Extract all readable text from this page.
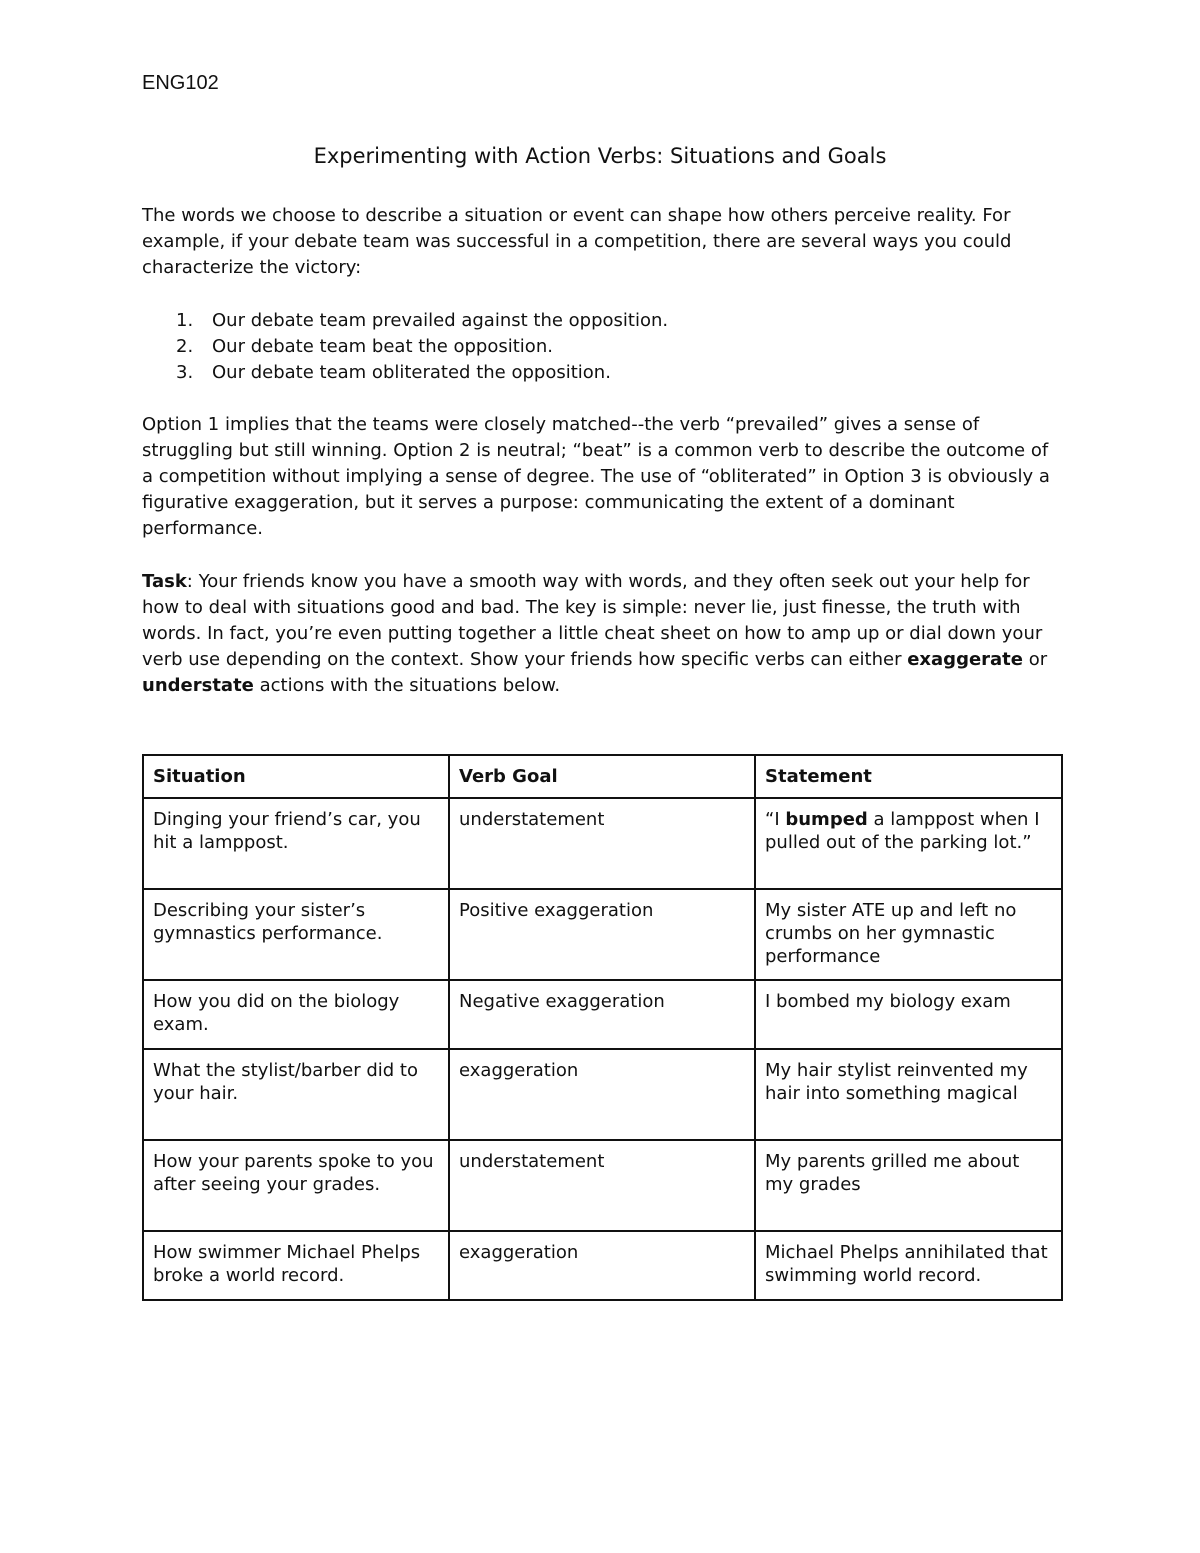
ENG102
Experimenting with Action Verbs: Situations and Goals

The words we choose to describe a situation or event can shape how others perceive reality. For example, if your debate team was successful in a competition, there are several ways you could characterize the victory:

1.	Our debate team prevailed against the opposition.
2.	Our debate team beat the opposition.
3.	Our debate team obliterated the opposition.

Option 1 implies that the teams were closely matched--the verb “prevailed” gives a sense of struggling but still winning. Option 2 is neutral; “beat” is a common verb to describe the outcome of a competition without implying a sense of degree. The use of “obliterated” in Option 3 is obviously a figurative exaggeration, but it serves a purpose: communicating the extent of a dominant performance.

Task: Your friends know you have a smooth way with words, and they often seek out your help for how to deal with situations good and bad. The key is simple: never lie, just finesse, the truth with words. In fact, you’re even putting together a little cheat sheet on how to amp up or dial down your verb use depending on the context. Show your friends how specific verbs can either exaggerate or understate actions with the situations below.

Situation	Verb Goal	Statement
Dinging your friend’s car, you hit a lamppost.	understatement	“I bumped a lamppost when I pulled out of the parking lot.”
Describing your sister’s gymnastics performance.	Positive exaggeration	My sister ATE up and left no crumbs on her gymnastic performance
How you did on the biology exam.	Negative exaggeration	I bombed my biology exam
What the stylist/barber did to your hair.	exaggeration	My hair stylist reinvented my hair into something magical
How your parents spoke to you after seeing your grades.	understatement	My parents grilled me about my grades
How swimmer Michael Phelps broke a world record.	exaggeration	Michael Phelps annihilated that swimming world record.
